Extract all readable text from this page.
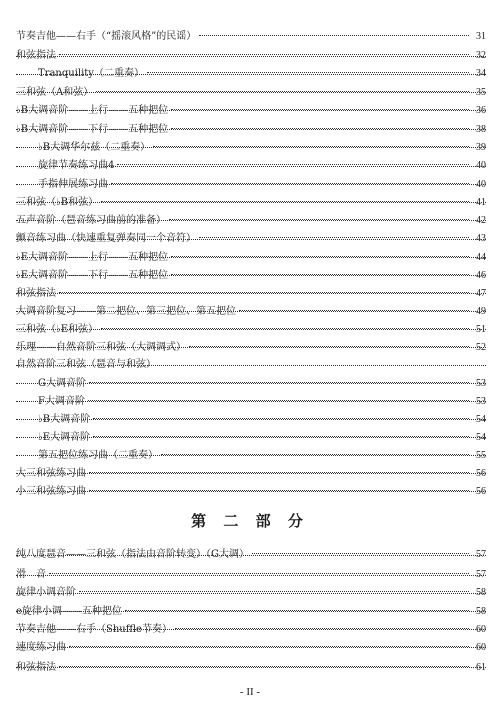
节奏吉他——右手（“摇滚风格”的民谣）	31
和弦指法	32
Tranquility（二重奏）	34
三和弦（A和弦）	35
♭B大调音阶——上行——五种把位	36
♭B大调音阶——下行——五种把位	38
♭B大调华尔兹（二重奏）	39
旋律节奏练习曲4	40
手指伸展练习曲	40
三和弦（♭B和弦）	41
五声音阶（琶音练习曲前的准备）	42
颤音练习曲（快速重复弹奏同一个音符）	43
♭E大调音阶——上行——五种把位	44
♭E大调音阶——下行——五种把位	46
和弦指法	47
大调音阶复习——第二把位、第三把位、第五把位	49
三和弦（♭E和弦）	51
乐理——自然音阶三和弦（大调调式）	52
自然音阶三和弦（琶音与和弦）
G大调音阶	53
F大调音阶	53
♭B大调音阶	54
♭E大调音阶	54
第五把位练习曲（二重奏）	55
大三和弦练习曲	56
小三和弦练习曲	56
第 二 部 分
纯八度琶音——三和弦（指法由音阶转变）（G大调）	57
滑　音	57
旋律小调音阶	58
e旋律小调——五种把位	58
节奏吉他——右手（Shuffle节奏）	60
速度练习曲	60
和弦指法	61
- II -
